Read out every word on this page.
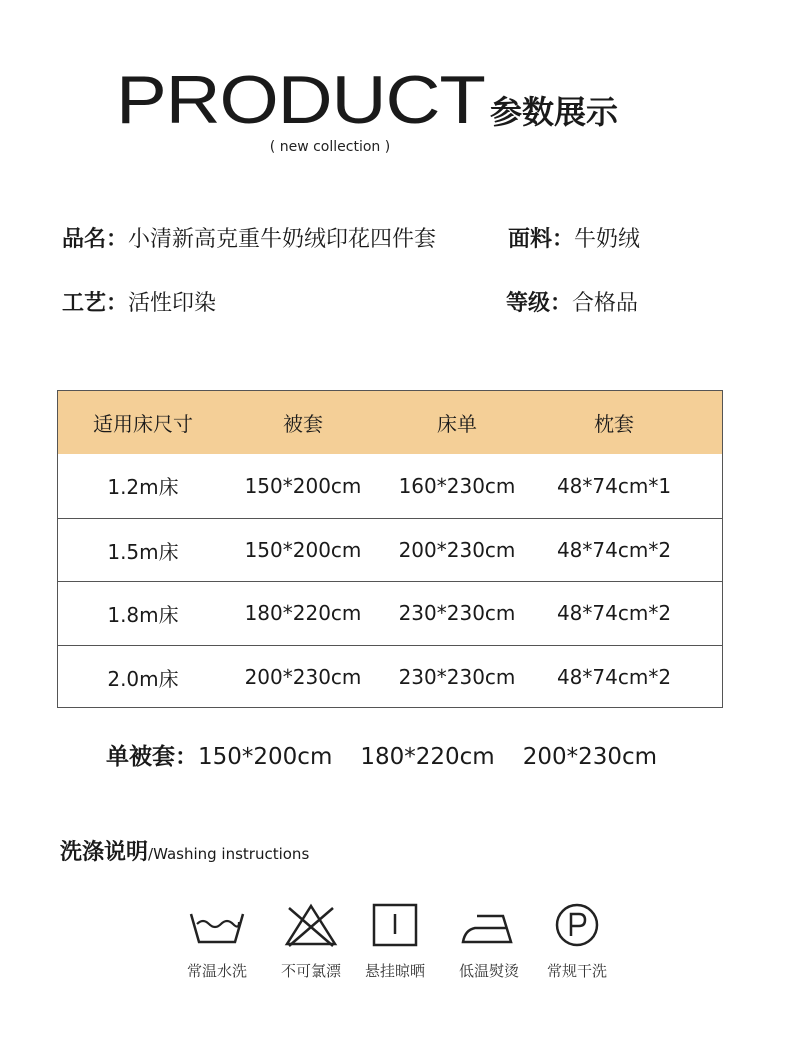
PRODUCT 参数展示
( new collection )
品名：小清新高克重牛奶绒印花四件套	面料：牛奶绒
工艺：活性印染	等级：合格品
适用床尺寸	被套	床单	枕套
1.2m床	150*200cm	160*230cm	48*74cm*1
1.5m床	150*200cm	200*230cm	48*74cm*2
1.8m床	180*220cm	230*230cm	48*74cm*2
2.0m床	200*230cm	230*230cm	48*74cm*2
单被套：150*200cm 180*220cm 200*230cm
洗涤说明/Washing instructions
常温水洗	不可氯漂	悬挂晾晒	低温熨烫	常规干洗
